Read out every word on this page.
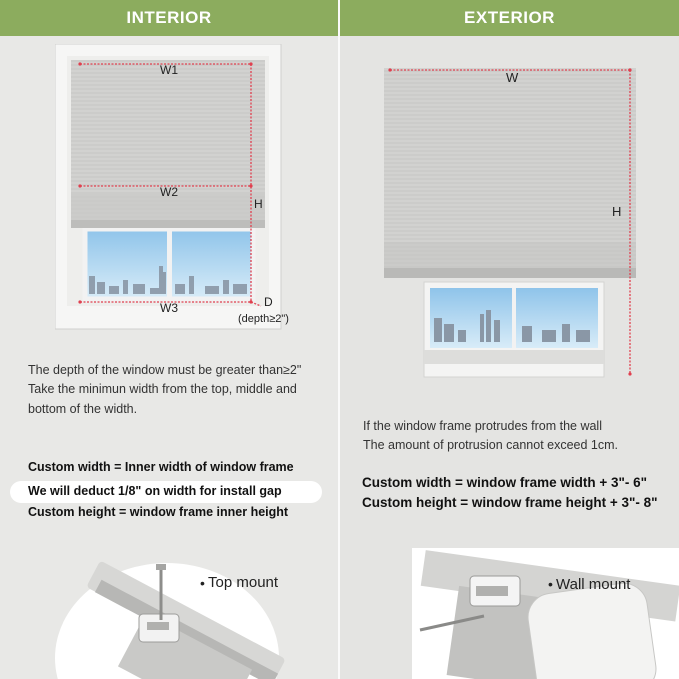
INTERIOR
W1
W2
W3
H
D
(depth≥2")
The depth of the window must be greater than≥2"
Take the minimun width from the top, middle and
bottom of the width.
Custom width = Inner width of window frame
We will deduct 1/8" on width for install gap
Custom height = window frame inner height
• Top mount
EXTERIOR
W
H
If the window frame protrudes from the wall
The amount of protrusion cannot exceed 1cm.
Custom width = window frame width + 3"- 6"
Custom height = window frame height + 3"- 8"
• Wall mount
